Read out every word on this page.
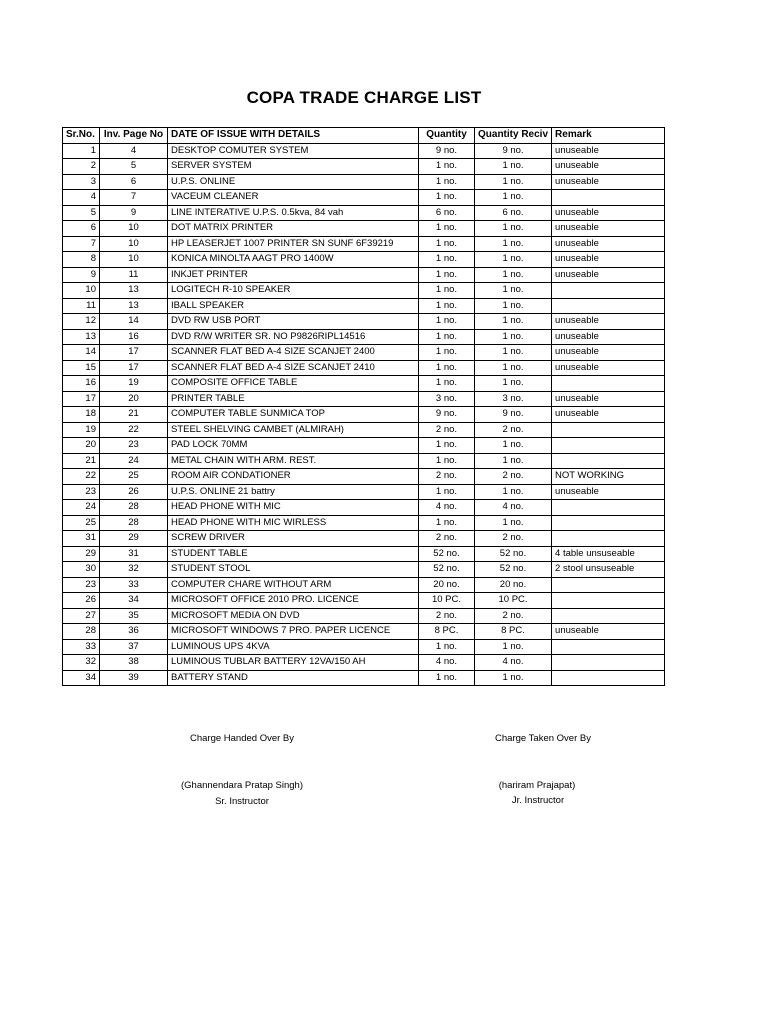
COPA TRADE CHARGE LIST
Sr.No.	Inv. Page No	DATE OF ISSUE WITH DETAILS	Quantity	Quantity Reciv	Remark
1	4	DESKTOP COMUTER SYSTEM	9 no.	9 no.	unuseable
2	5	SERVER SYSTEM	1 no.	1 no.	unuseable
3	6	U.P.S. ONLINE	1 no.	1 no.	unuseable
4	7	VACEUM CLEANER	1 no.	1 no.	
5	9	LINE INTERATIVE U.P.S. 0.5kva, 84 vah	6 no.	6 no.	unuseable
6	10	DOT MATRIX PRINTER	1 no.	1 no.	unuseable
7	10	HP LEASERJET 1007 PRINTER SN SUNF 6F39219	1 no.	1 no.	unuseable
8	10	KONICA MINOLTA AAGT PRO 1400W	1 no.	1 no.	unuseable
9	11	INKJET PRINTER	1 no.	1 no.	unuseable
10	13	LOGITECH R-10 SPEAKER	1 no.	1 no.	
11	13	IBALL SPEAKER	1 no.	1 no.	
12	14	DVD RW USB PORT	1 no.	1 no.	unuseable
13	16	DVD R/W WRITER SR. NO P9826RIPL14516	1 no.	1 no.	unuseable
14	17	SCANNER FLAT BED A-4 SIZE SCANJET 2400	1 no.	1 no.	unuseable
15	17	SCANNER FLAT BED A-4 SIZE SCANJET 2410	1 no.	1 no.	unuseable
16	19	COMPOSITE OFFICE TABLE	1 no.	1 no.	
17	20	PRINTER TABLE	3 no.	3 no.	unuseable
18	21	COMPUTER TABLE SUNMICA TOP	9 no.	9 no.	unuseable
19	22	STEEL SHELVING CAMBET (ALMIRAH)	2 no.	2 no.	
20	23	PAD LOCK 70MM	1 no.	1 no.	
21	24	METAL CHAIN WITH ARM. REST.	1 no.	1 no.	
22	25	ROOM AIR CONDATIONER	2 no.	2 no.	NOT WORKING
23	26	U.P.S. ONLINE 21 battry	1 no.	1 no.	unuseable
24	28	HEAD PHONE WITH MIC	4 no.	4 no.	
25	28	HEAD PHONE WITH MIC WIRLESS	1 no.	1 no.	
31	29	SCREW DRIVER	2 no.	2 no.	
29	31	STUDENT TABLE	52 no.	52 no.	4 table unsuseable
30	32	STUDENT STOOL	52 no.	52 no.	2 stool unsuseable
23	33	COMPUTER CHARE WITHOUT ARM	20 no.	20 no.	
26	34	MICROSOFT OFFICE 2010 PRO. LICENCE	10 PC.	10 PC.	
27	35	MICROSOFT MEDIA ON DVD	2 no.	2 no.	
28	36	MICROSOFT WINDOWS 7 PRO. PAPER LICENCE	8 PC.	8 PC.	unuseable
33	37	LUMINOUS UPS 4KVA	1 no.	1 no.	
32	38	LUMINOUS TUBLAR BATTERY 12VA/150 AH	4 no.	4 no.	
34	39	BATTERY STAND	1 no.	1 no.	
Charge Handed Over By
(Ghannendara Pratap Singh)
Sr. Instructor
Charge Taken Over By
(hariram Prajapat)
Jr. Instructor
